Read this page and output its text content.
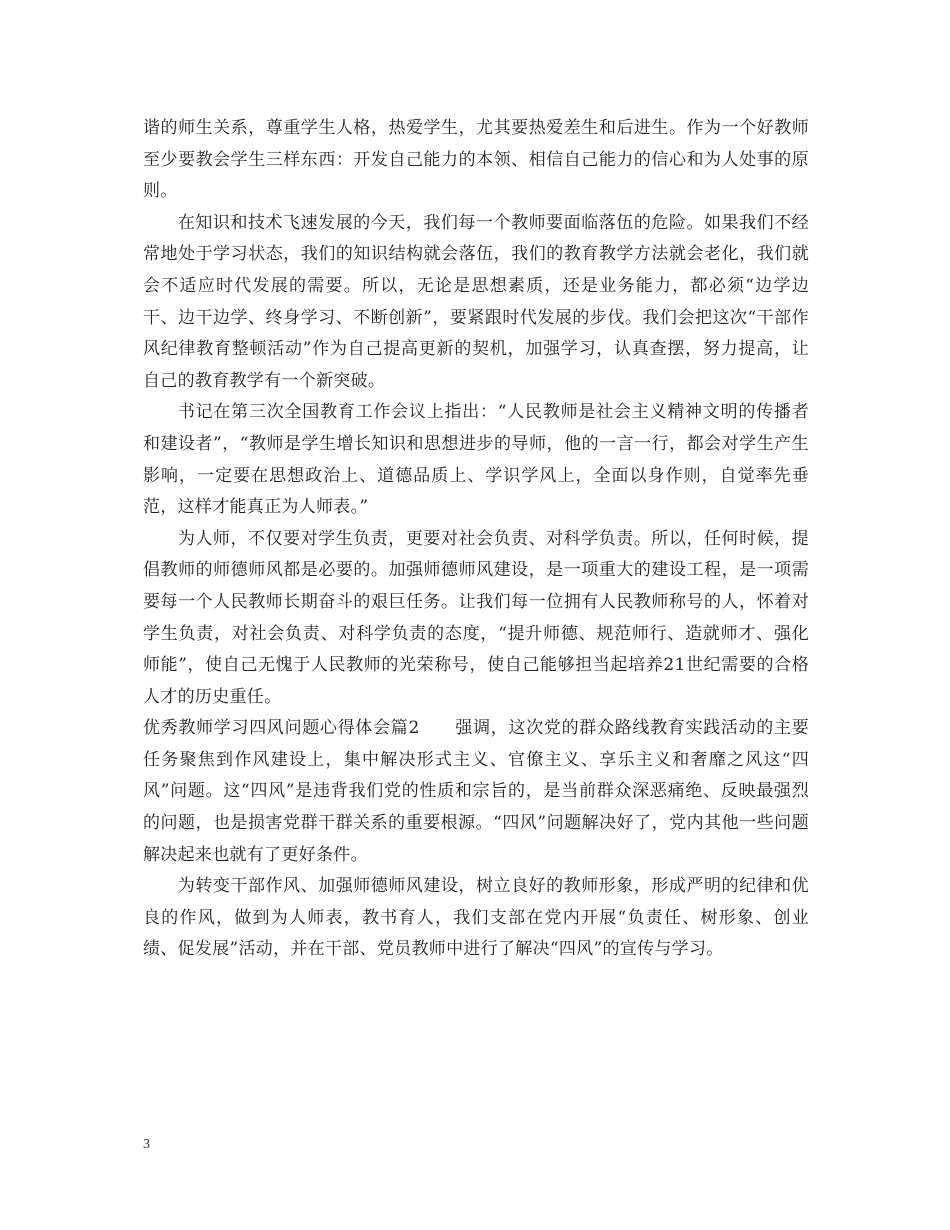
谐的师生关系，尊重学生人格，热爱学生，尤其要热爱差生和后进生。作为一个好教师至少要教会学生三样东西：开发自己能力的本领、相信自己能力的信心和为人处事的原则。

在知识和技术飞速发展的今天，我们每一个教师要面临落伍的危险。如果我们不经常地处于学习状态，我们的知识结构就会落伍，我们的教育教学方法就会老化，我们就会不适应时代发展的需要。所以，无论是思想素质，还是业务能力，都必须“边学边干、边干边学、终身学习、不断创新”，要紧跟时代发展的步伐。我们会把这次“干部作风纪律教育整顿活动”作为自己提高更新的契机，加强学习，认真查摆，努力提高，让自己的教育教学有一个新突破。

书记在第三次全国教育工作会议上指出：“人民教师是社会主义精神文明的传播者和建设者”，“教师是学生增长知识和思想进步的导师，他的一言一行，都会对学生产生影响，一定要在思想政治上、道德品质上、学识学风上，全面以身作则，自觉率先垂范，这样才能真正为人师表。”

为人师，不仅要对学生负责，更要对社会负责、对科学负责。所以，任何时候，提倡教师的师德师风都是必要的。加强师德师风建设，是一项重大的建设工程，是一项需要每一个人民教师长期奋斗的艰巨任务。让我们每一位拥有人民教师称号的人，怀着对学生负责，对社会负责、对科学负责的态度，“提升师德、规范师行、造就师才、强化师能”，使自己无愧于人民教师的光荣称号，使自己能够担当起培养21世纪需要的合格人才的历史重任。

优秀教师学习四风问题心得体会篇2　　强调，这次党的群众路线教育实践活动的主要任务聚焦到作风建设上，集中解决形式主义、官僚主义、享乐主义和奢靡之风这“四风”问题。这“四风”是违背我们党的性质和宗旨的，是当前群众深恶痛绝、反映最强烈的问题，也是损害党群干群关系的重要根源。“四风”问题解决好了，党内其他一些问题解决起来也就有了更好条件。

为转变干部作风、加强师德师风建设，树立良好的教师形象，形成严明的纪律和优良的作风，做到为人师表，教书育人，我们支部在党内开展“负责任、树形象、创业绩、促发展”活动，并在干部、党员教师中进行了解决“四风”的宣传与学习。

3
